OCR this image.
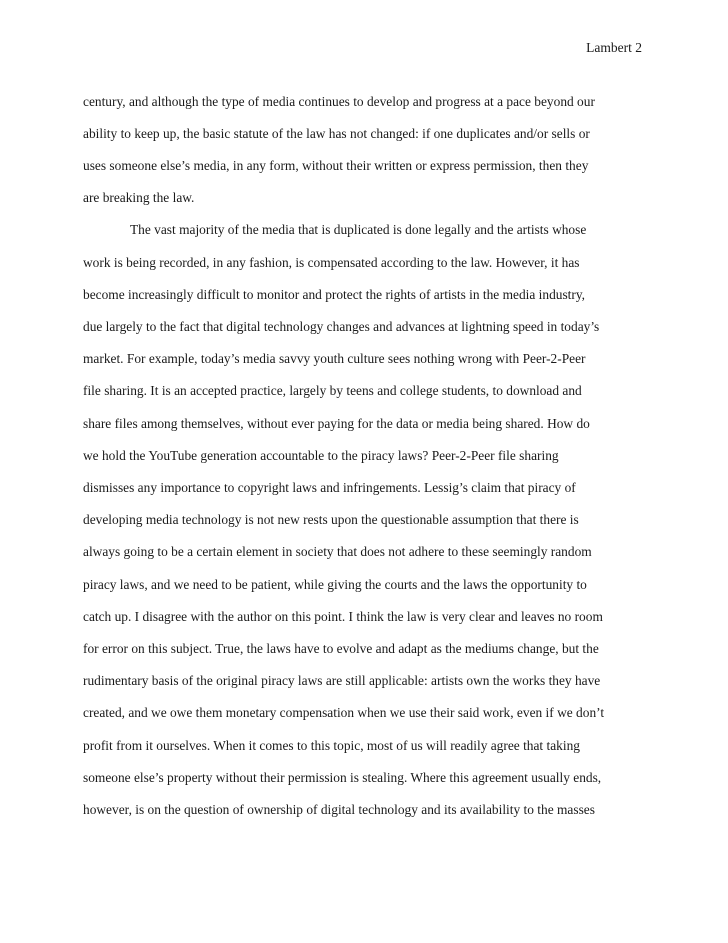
Lambert 2
century, and although the type of media continues to develop and progress at a pace beyond our
ability to keep up, the basic statute of the law has not changed: if one duplicates and/or sells or
uses someone else’s media, in any form, without their written or express permission, then they
are breaking the law.
The vast majority of the media that is duplicated is done legally and the artists whose
work is being recorded, in any fashion, is compensated according to the law. However, it has
become increasingly difficult to monitor and protect the rights of artists in the media industry,
due largely to the fact that digital technology changes and advances at lightning speed in today’s
market. For example, today’s media savvy youth culture sees nothing wrong with Peer-2-Peer
file sharing. It is an accepted practice, largely by teens and college students, to download and
share files among themselves, without ever paying for the data or media being shared. How do
we hold the YouTube generation accountable to the piracy laws? Peer-2-Peer file sharing
dismisses any importance to copyright laws and infringements. Lessig’s claim that piracy of
developing media technology is not new rests upon the questionable assumption that there is
always going to be a certain element in society that does not adhere to these seemingly random
piracy laws, and we need to be patient, while giving the courts and the laws the opportunity to
catch up. I disagree with the author on this point. I think the law is very clear and leaves no room
for error on this subject. True, the laws have to evolve and adapt as the mediums change, but the
rudimentary basis of the original piracy laws are still applicable: artists own the works they have
created, and we owe them monetary compensation when we use their said work, even if we don’t
profit from it ourselves. When it comes to this topic, most of us will readily agree that taking
someone else’s property without their permission is stealing. Where this agreement usually ends,
however, is on the question of ownership of digital technology and its availability to the masses
